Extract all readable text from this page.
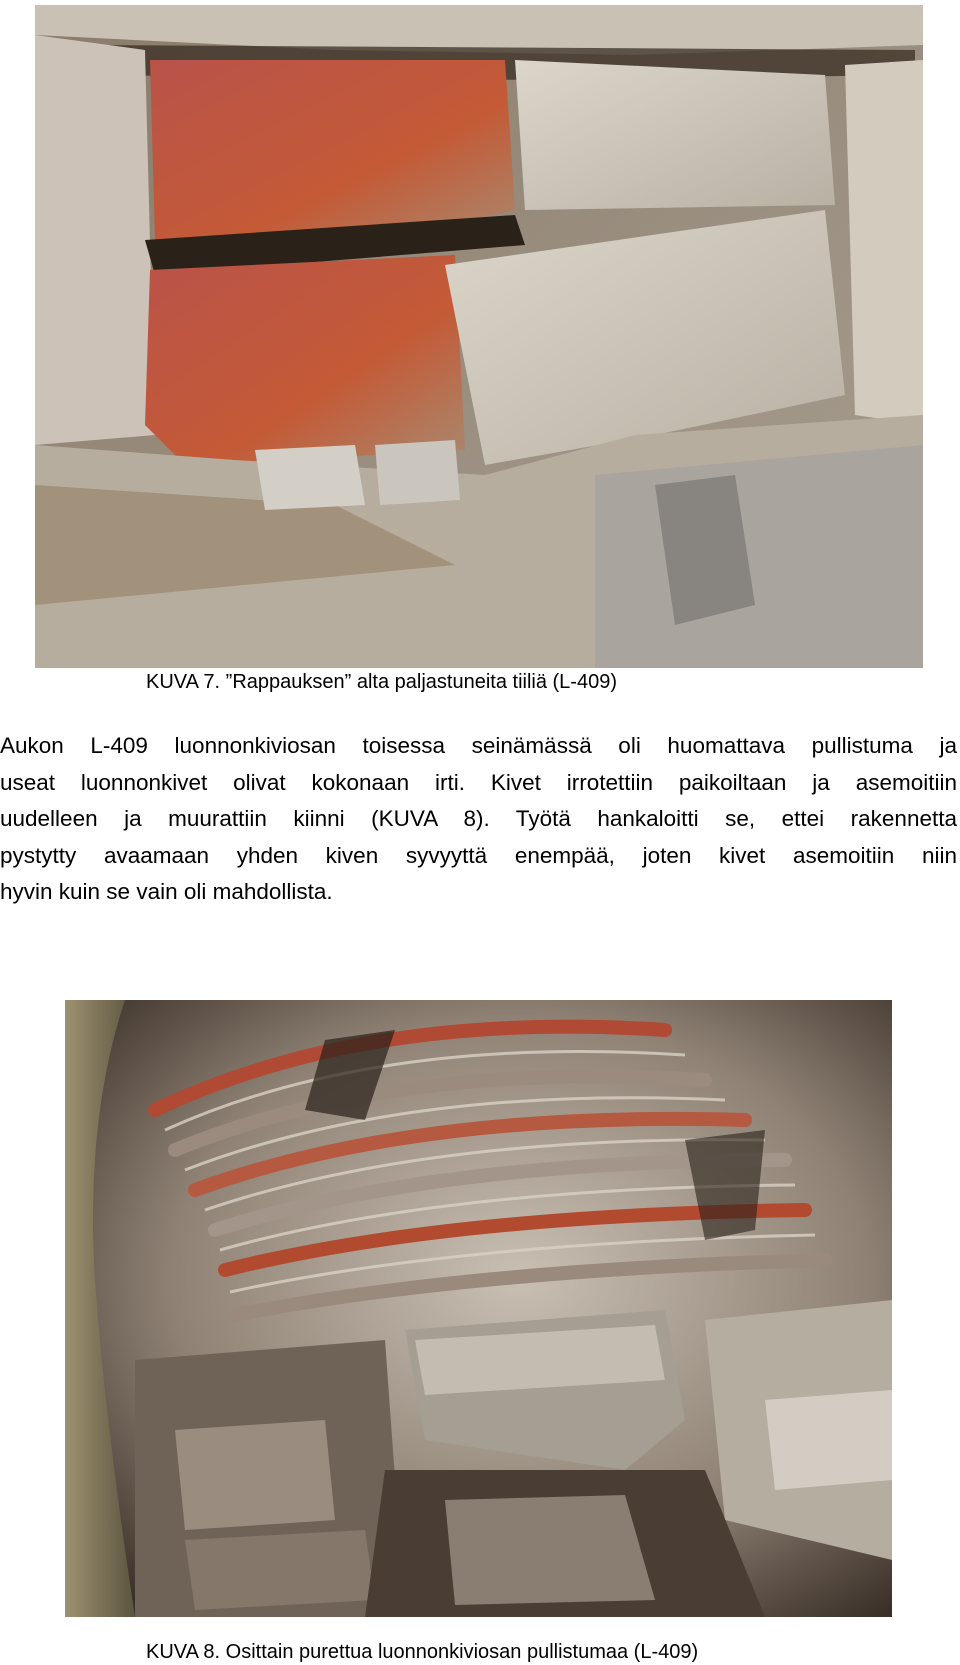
KUVA 7. ”Rappauksen” alta paljastuneita tiiliä (L-409)

Aukon L-409 luonnonkiviosan toisessa seinämässä oli huomattava pullistuma ja
useat luonnonkivet olivat kokonaan irti. Kivet irrotettiin paikoiltaan ja asemoitiin
uudelleen ja muurattiin kiinni (KUVA 8). Työtä hankaloitti se, ettei rakennetta
pystytty avaamaan yhden kiven syvyyttä enempää, joten kivet asemoitiin niin
hyvin kuin se vain oli mahdollista.

KUVA 8. Osittain purettua luonnonkiviosan pullistumaa (L-409)
